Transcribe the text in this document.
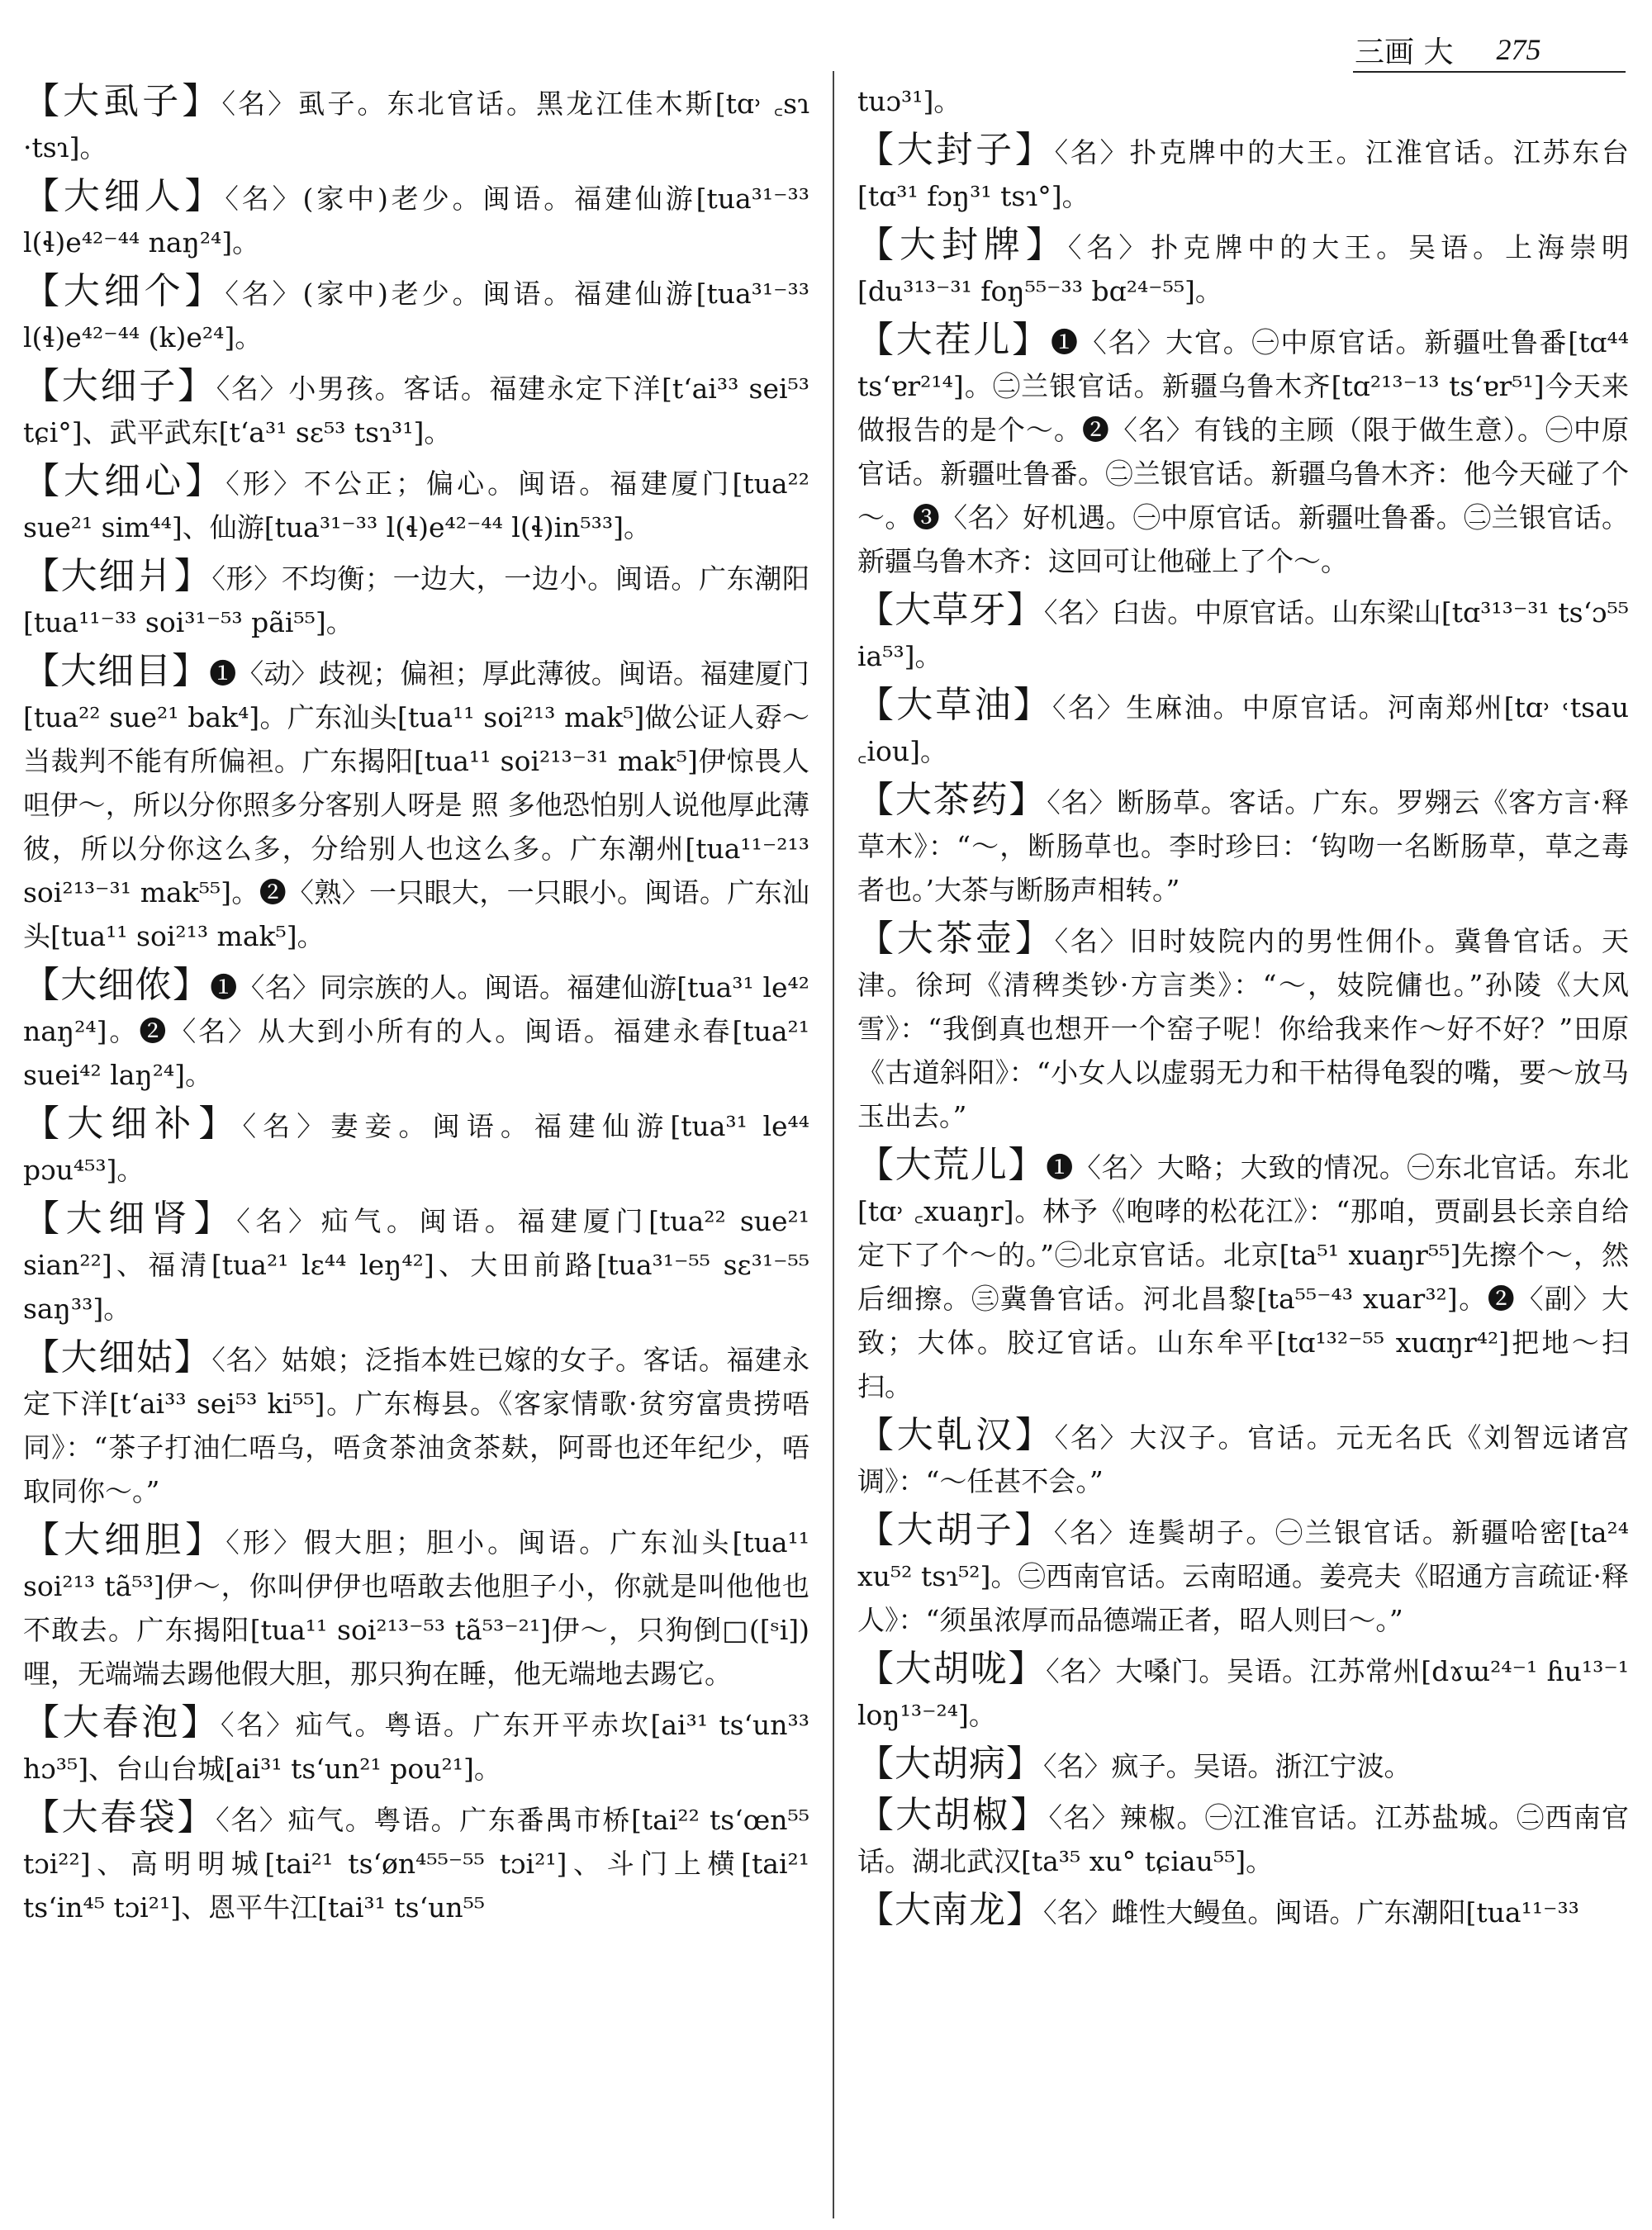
三画 大 275
【大虱子】〈名〉虱子。东北官话。黑龙江佳木斯[tɑ˒ ꜀sɿ ·tsɿ]。
【大细人】〈名〉(家中)老少。闽语。福建仙游[tua³¹⁻³³ l(ɬ)e⁴²⁻⁴⁴ naŋ²⁴]。
【大细个】〈名〉(家中)老少。闽语。福建仙游[tua³¹⁻³³ l(ɬ)e⁴²⁻⁴⁴ (k)e²⁴]。
【大细子】〈名〉小男孩。客话。福建永定下洋[t‘ai³³ sei⁵³ tɕi°]、武平武东[t‘a³¹ sɛ⁵³ tsɿ³¹]。
【大细心】〈形〉不公正；偏心。闽语。福建厦门[tua²² sue²¹ sim⁴⁴]、仙游[tua³¹⁻³³ l(ɬ)e⁴²⁻⁴⁴ l(ɬ)in⁵³³]。
【大细爿】〈形〉不均衡；一边大，一边小。闽语。广东潮阳[tua¹¹⁻³³ soi³¹⁻⁵³ pãi⁵⁵]。
【大细目】❶〈动〉歧视；偏袒；厚此薄彼。闽语。福建厦门[tua²² sue²¹ bak⁴]。广东汕头[tua¹¹ soi²¹³ mak⁵]做公证人孬～当裁判不能有所偏袒。广东揭阳[tua¹¹ soi²¹³⁻³¹ mak⁵]伊惊畏人呾伊～，所以分你照多分客别人呀是 照 多他恐怕别人说他厚此薄彼，所以分你这么多，分给别人也这么多。广东潮州[tua¹¹⁻²¹³ soi²¹³⁻³¹ mak⁵⁵]。❷〈熟〉一只眼大，一只眼小。闽语。广东汕头[tua¹¹ soi²¹³ mak⁵]。
【大细侬】❶〈名〉同宗族的人。闽语。福建仙游[tua³¹ le⁴² naŋ²⁴]。❷〈名〉从大到小所有的人。闽语。福建永春[tua²¹ suei⁴² laŋ²⁴]。
【大细补】〈名〉妻妾。闽语。福建仙游[tua³¹ le⁴⁴ pɔu⁴⁵³]。
【大细肾】〈名〉疝气。闽语。福建厦门[tua²² sue²¹ sian²²]、福清[tua²¹ lɛ⁴⁴ leŋ⁴²]、大田前路[tua³¹⁻⁵⁵ sɛ³¹⁻⁵⁵ saŋ³³]。
【大细姑】〈名〉姑娘；泛指本姓已嫁的女子。客话。福建永定下洋[t‘ai³³ sei⁵³ ki⁵⁵]。广东梅县。《客家情歌·贫穷富贵捞唔同》：“茶子打油仁唔乌，唔贪茶油贪茶麸，阿哥也还年纪少，唔取同你～。”
【大细胆】〈形〉假大胆；胆小。闽语。广东汕头[tua¹¹ soi²¹³ tã⁵³]伊～，你叫伊伊也唔敢去他胆子小，你就是叫他他也不敢去。广东揭阳[tua¹¹ soi²¹³⁻⁵³ tã⁵³⁻²¹]伊～，只狗倒□([ˢi])哩，无端端去踢他假大胆，那只狗在睡，他无端地去踢它。
【大春泡】〈名〉疝气。粤语。广东开平赤坎[ai³¹ ts‘un³³ hɔ³⁵]、台山台城[ai³¹ ts‘un²¹ pou²¹]。
【大春袋】〈名〉疝气。粤语。广东番禺市桥[tai²² ts‘œn⁵⁵ tɔi²²]、高明明城[tai²¹ ts‘øn⁴⁵⁵⁻⁵⁵ tɔi²¹]、斗门上横[tai²¹ ts‘in⁴⁵ tɔi²¹]、恩平牛江[tai³¹ ts‘un⁵⁵
tuɔ³¹]。
【大封子】〈名〉扑克牌中的大王。江淮官话。江苏东台[tɑ³¹ fɔŋ³¹ tsɿ°]。
【大封牌】〈名〉扑克牌中的大王。吴语。上海崇明[du³¹³⁻³¹ foŋ⁵⁵⁻³³ bɑ²⁴⁻⁵⁵]。
【大茬儿】❶〈名〉大官。㊀中原官话。新疆吐鲁番[tɑ⁴⁴ ts‘ɐr²¹⁴]。㊁兰银官话。新疆乌鲁木齐[tɑ²¹³⁻¹³ ts‘ɐr⁵¹]今天来做报告的是个～。❷〈名〉有钱的主顾（限于做生意）。㊀中原官话。新疆吐鲁番。㊁兰银官话。新疆乌鲁木齐：他今天碰了个～。❸〈名〉好机遇。㊀中原官话。新疆吐鲁番。㊁兰银官话。新疆乌鲁木齐：这回可让他碰上了个～。
【大草牙】〈名〉臼齿。中原官话。山东梁山[tɑ³¹³⁻³¹ ts‘ɔ⁵⁵ ia⁵³]。
【大草油】〈名〉生麻油。中原官话。河南郑州[tɑ˒ ˓tsau ꜀iou]。
【大茶药】〈名〉断肠草。客话。广东。罗翙云《客方言·释草木》：“～，断肠草也。李时珍曰：‘钩吻一名断肠草，草之毒者也。’大茶与断肠声相转。”
【大茶壶】〈名〉旧时妓院内的男性佣仆。冀鲁官话。天津。徐珂《清稗类钞·方言类》：“～，妓院傭也。”孙陵《大风雪》：“我倒真也想开一个窑子呢！你给我来作～好不好？”田原《古道斜阳》：“小女人以虚弱无力和干枯得龟裂的嘴，要～放马玉出去。”
【大荒儿】❶〈名〉大略；大致的情况。㊀东北官话。东北[tɑ˒ ꜀xuaŋr]。林予《咆哮的松花江》：“那咱，贾副县长亲自给定下了个～的。”㊁北京官话。北京[ta⁵¹ xuaŋr⁵⁵]先擦个～，然后细擦。㊂冀鲁官话。河北昌黎[ta⁵⁵⁻⁴³ xuar³²]。❷〈副〉大致；大体。胶辽官话。山东牟平[tɑ¹³²⁻⁵⁵ xuɑŋr⁴²]把地～扫扫。
【大乹汉】〈名〉大汉子。官话。元无名氏《刘智远诸宫调》：“～任甚不会。”
【大胡子】〈名〉连鬓胡子。㊀兰银官话。新疆哈密[ta²⁴ xu⁵² tsɿ⁵²]。㊁西南官话。云南昭通。姜亮夫《昭通方言疏证·释人》：“须虽浓厚而品德端正者，昭人则曰～。”
【大胡咙】〈名〉大嗓门。吴语。江苏常州[dɤɯ²⁴⁻¹ ɦu¹³⁻¹ loŋ¹³⁻²⁴]。
【大胡病】〈名〉疯子。吴语。浙江宁波。
【大胡椒】〈名〉辣椒。㊀江淮官话。江苏盐城。㊁西南官话。湖北武汉[ta³⁵ xu° tɕiau⁵⁵]。
【大南龙】〈名〉雌性大鳗鱼。闽语。广东潮阳[tua¹¹⁻³³
